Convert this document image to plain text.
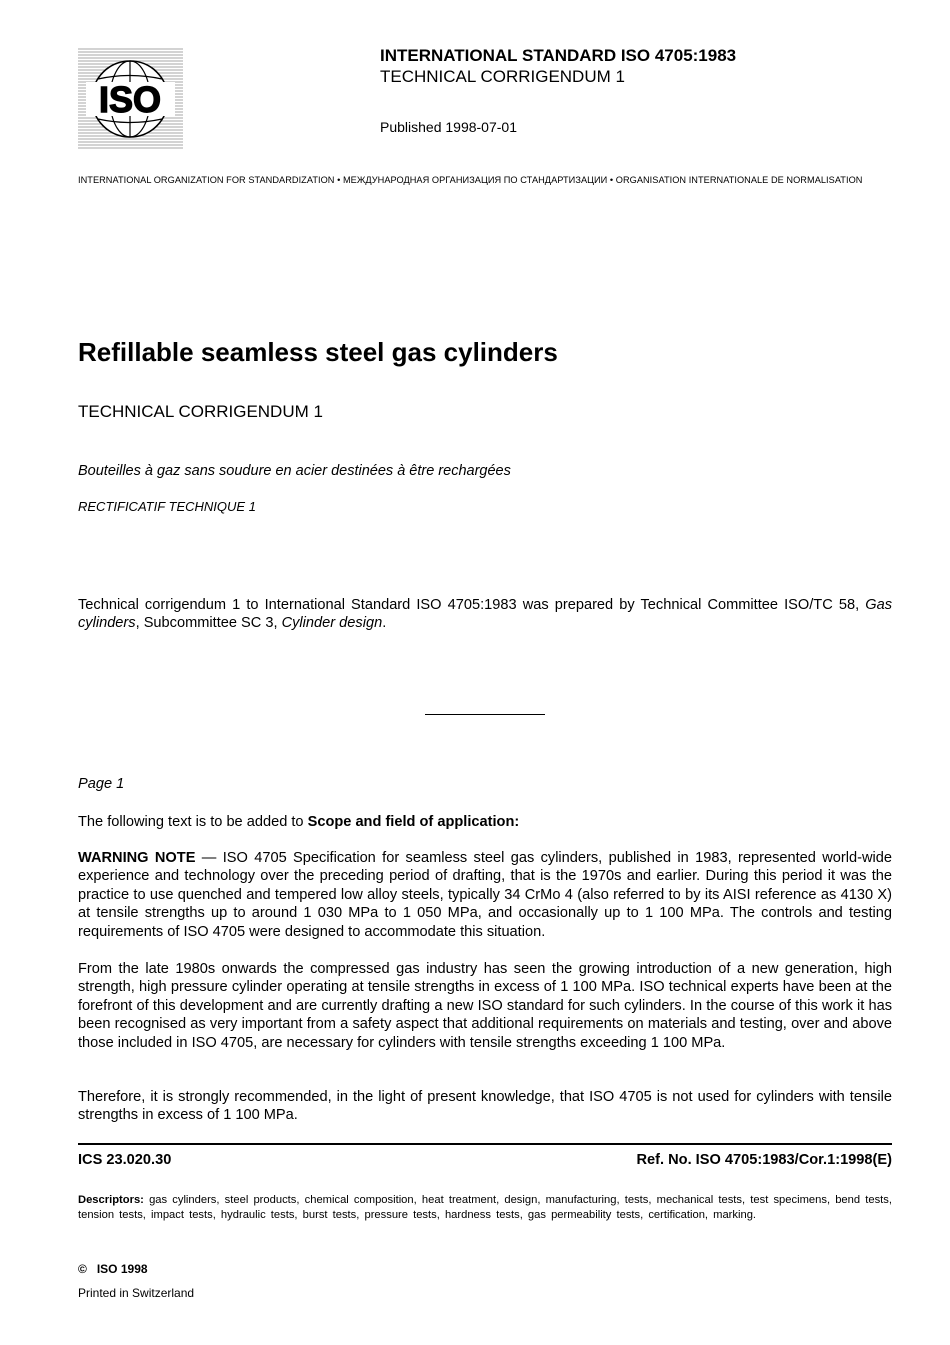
ISO
INTERNATIONAL STANDARD ISO 4705:1983
TECHNICAL CORRIGENDUM 1
Published 1998-07-01
INTERNATIONAL ORGANIZATION FOR STANDARDIZATION • МЕЖДУНАРОДНАЯ ОРГАНИЗАЦИЯ ПО СТАНДАРТИЗАЦИИ • ORGANISATION INTERNATIONALE DE NORMALISATION
Refillable seamless steel gas cylinders
TECHNICAL CORRIGENDUM 1
Bouteilles à gaz sans soudure en acier destinées à être rechargées
RECTIFICATIF TECHNIQUE 1

Technical corrigendum 1 to International Standard ISO 4705:1983 was prepared by Technical Committee ISO/TC 58, Gas cylinders, Subcommittee SC 3, Cylinder design.

Page 1

The following text is to be added to Scope and field of application:

WARNING NOTE — ISO 4705 Specification for seamless steel gas cylinders, published in 1983, represented world-wide experience and technology over the preceding period of drafting, that is the 1970s and earlier. During this period it was the practice to use quenched and tempered low alloy steels, typically 34 CrMo 4 (also referred to by its AISI reference as 4130 X) at tensile strengths up to around 1 030 MPa to 1 050 MPa, and occasionally up to 1 100 MPa. The controls and testing requirements of ISO 4705 were designed to accommodate this situation.

From the late 1980s onwards the compressed gas industry has seen the growing introduction of a new generation, high strength, high pressure cylinder operating at tensile strengths in excess of 1 100 MPa. ISO technical experts have been at the forefront of this development and are currently drafting a new ISO standard for such cylinders. In the course of this work it has been recognised as very important from a safety aspect that additional requirements on materials and testing, over and above those included in ISO 4705, are necessary for cylinders with tensile strengths exceeding 1 100 MPa.

Therefore, it is strongly recommended, in the light of present knowledge, that ISO 4705 is not used for cylinders with tensile strengths in excess of 1 100 MPa.

ICS 23.020.30	Ref. No. ISO 4705:1983/Cor.1:1998(E)

Descriptors: gas cylinders, steel products, chemical composition, heat treatment, design, manufacturing, tests, mechanical tests, test specimens, bend tests, tension tests, impact tests, hydraulic tests, burst tests, pressure tests, hardness tests, gas permeability tests, certification, marking.

©   ISO 1998
Printed in Switzerland
